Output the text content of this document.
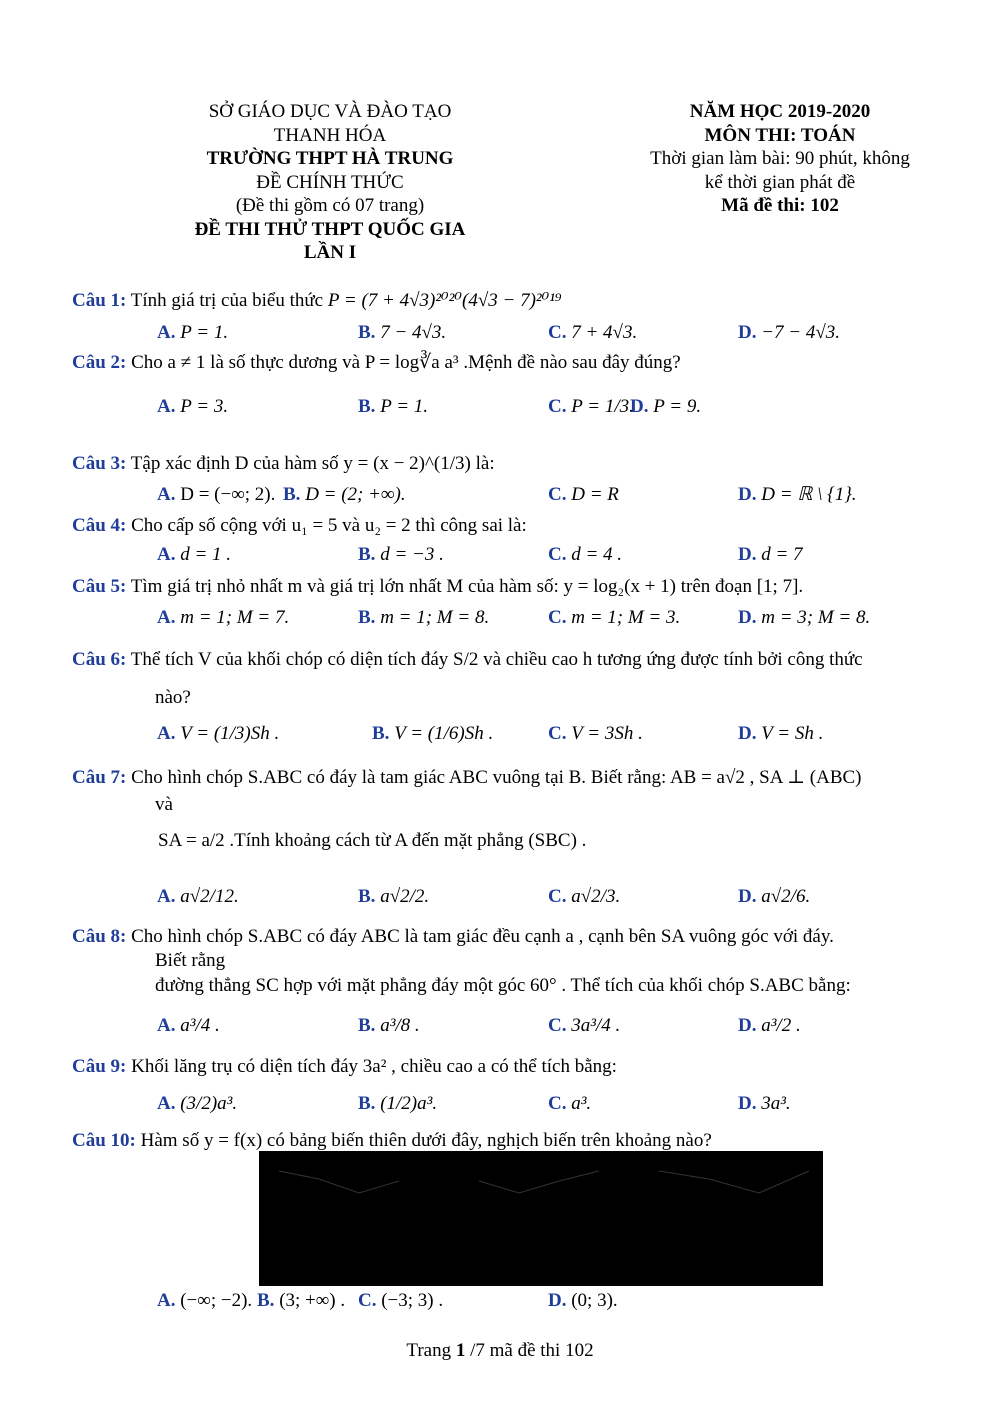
SỞ GIÁO DỤC VÀ ĐÀO TẠO
THANH HÓA
TRƯỜNG THPT HÀ TRUNG
ĐỀ CHÍNH THỨC
(Đề thi gồm có 07 trang)
ĐỀ THI THỬ THPT QUỐC GIA
LẦN I
NĂM HỌC 2019-2020
MÔN THI: TOÁN
Thời gian làm bài: 90 phút, không
kể thời gian phát đề
Mã đề thi: 102
Câu 1: Tính giá trị của biểu thức P = (7 + 4√3)²⁰²⁰(4√3 − 7)²⁰¹⁹
A. P = 1.	B. 7 − 4√3.	C. 7 + 4√3.	D. −7 − 4√3.
Câu 2: Cho a ≠ 1 là số thực dương và P = log∛a a³ .Mệnh đề nào sau đây đúng?
A. P = 3.	B. P = 1.	C. P = 1/3.
D. P = 9.
Câu 3: Tập xác định D của hàm số y = (x − 2)^(1/3) là:
A. D = (−∞; 2). B. D = (2; +∞).	C. D = R	D. D = ℝ \ {1}.
Câu 4: Cho cấp số cộng với u₁ = 5 và u₂ = 2 thì công sai là:
A. d = 1 .	B. d = −3 .	C. d = 4 .	D. d = 7
Câu 5: Tìm giá trị nhỏ nhất m và giá trị lớn nhất M của hàm số: y = log₂(x + 1) trên đoạn [1; 7].
A. m = 1; M = 7.	B. m = 1; M = 8.	C. m = 1; M = 3.	D. m = 3; M = 8.
Câu 6: Thể tích V của khối chóp có diện tích đáy S/2 và chiều cao h tương ứng được tính bởi công thức
nào?
A. V = (1/3)Sh .	B. V = (1/6)Sh .	C. V = 3Sh .	D. V = Sh .
Câu 7: Cho hình chóp S.ABC có đáy là tam giác ABC vuông tại B. Biết rằng: AB = a√2 , SA ⊥ (ABC)
và
SA = a/2 .Tính khoảng cách từ A đến mặt phẳng (SBC) .
A. a√2/12.	B. a√2/2.	C. a√2/3.	D. a√2/6.
Câu 8: Cho hình chóp S.ABC có đáy ABC là tam giác đều cạnh a , cạnh bên SA vuông góc với đáy.
Biết rằng
đường thẳng SC hợp với mặt phẳng đáy một góc 60° . Thể tích của khối chóp S.ABC bằng:
A. a³/4 .	B. a³/8 .	C. 3a³/4 .	D. a³/2 .
Câu 9: Khối lăng trụ có diện tích đáy 3a² , chiều cao a có thể tích bằng:
A. (3/2)a³.	B. (1/2)a³.	C. a³.	D. 3a³.
Câu 10: Hàm số y = f(x) có bảng biến thiên dưới đây, nghịch biến trên khoảng nào?
A. (−∞; −2). B. (3; +∞) . C. (−3; 3) .	D. (0; 3).
Trang 1 /7 mã đề thi 102
